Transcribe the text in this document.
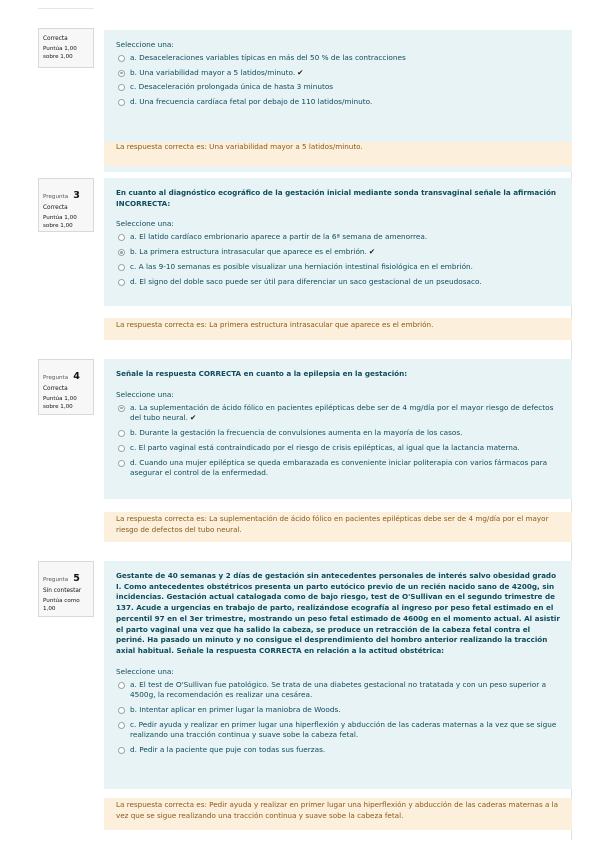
Correcta
Puntúa 1,00
sobre 1,00
Seleccione una:
a. Desaceleraciones variables típicas en más del 50 % de las contracciones
b. Una variabilidad mayor a 5 latidos/minuto. ✔
c. Desaceleración prolongada única de hasta 3 minutos
d. Una frecuencia cardíaca fetal por debajo de 110 latidos/minuto.
La respuesta correcta es: Una variabilidad mayor a 5 latidos/minuto.
Pregunta 3
Correcta
Puntúa 1,00
sobre 1,00
En cuanto al diagnóstico ecográfico de la gestación inicial mediante sonda transvaginal señale la afirmación INCORRECTA:
Seleccione una:
a. El latido cardíaco embrionario aparece a partir de la 6ª semana de amenorrea.
b. La primera estructura intrasacular que aparece es el embrión. ✔
c. A las 9-10 semanas es posible visualizar una herniación intestinal fisiológica en el embrión.
d. El signo del doble saco puede ser útil para diferenciar un saco gestacional de un pseudosaco.
La respuesta correcta es: La primera estructura intrasacular que aparece es el embrión.
Pregunta 4
Correcta
Puntúa 1,00
sobre 1,00
Señale la respuesta CORRECTA en cuanto a la epilepsia en la gestación:
Seleccione una:
a. La suplementación de ácido fólico en pacientes epilépticas debe ser de 4 mg/día por el mayor riesgo de defectos del tubo neural. ✔
b. Durante la gestación la frecuencia de convulsiones aumenta en la mayoría de los casos.
c. El parto vaginal está contraindicado por el riesgo de crisis epilépticas, al igual que la lactancia materna.
d. Cuando una mujer epiléptica se queda embarazada es conveniente iniciar politerapia con varios fármacos para asegurar el control de la enfermedad.
La respuesta correcta es: La suplementación de ácido fólico en pacientes epilépticas debe ser de 4 mg/día por el mayor riesgo de defectos del tubo neural.
Pregunta 5
Sin contestar
Puntúa como
1,00
Gestante de 40 semanas y 2 días de gestación sin antecedentes personales de interés salvo obesidad grado I. Como antecedentes obstétricos presenta un parto eutócico previo de un recién nacido sano de 4200g, sin incidencias. Gestación actual catalogada como de bajo riesgo, test de O'Sullivan en el segundo trimestre de 137. Acude a urgencias en trabajo de parto, realizándose ecografía al ingreso por peso fetal estimado en el percentil 97 en el 3er trimestre, mostrando un peso fetal estimado de 4600g en el momento actual. Al asistir el parto vaginal una vez que ha salido la cabeza, se produce un retracción de la cabeza fetal contra el periné. Ha pasado un minuto y no consigue el desprendimiento del hombro anterior realizando la tracción axial habitual. Señale la respuesta CORRECTA en relación a la actitud obstétrica:
Seleccione una:
a. El test de O'Sullivan fue patológico. Se trata de una diabetes gestacional no tratatada y con un peso superior a 4500g, la recomendación es realizar una cesárea.
b. Intentar aplicar en primer lugar la maniobra de Woods.
c. Pedir ayuda y realizar en primer lugar una hiperflexión y abducción de las caderas maternas a la vez que se sigue realizando una tracción continua y suave sobe la cabeza fetal.
d. Pedir a la paciente que puje con todas sus fuerzas.
La respuesta correcta es: Pedir ayuda y realizar en primer lugar una hiperflexión y abducción de las caderas maternas a la vez que se sigue realizando una tracción continua y suave sobe la cabeza fetal.
